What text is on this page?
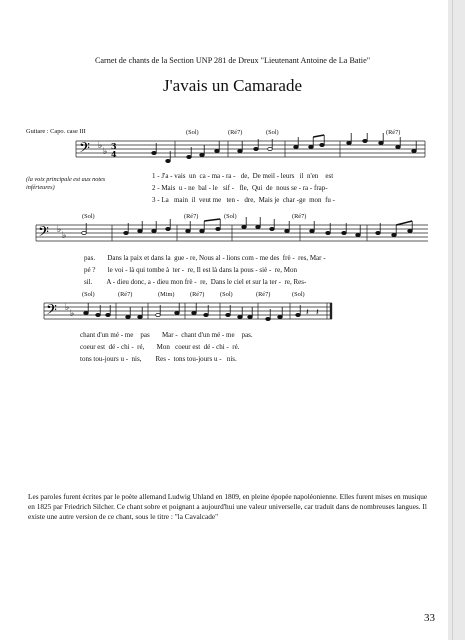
Carnet de chants de la Section UNP 281 de Dreux "Lieutenant Antoine de La Batie"
J'avais un Camarade
Guitare : Capo. case III
(la voix principale est aux notes inférieures)
(Sol)	(Ré7)	(Sol)	(Ré7)
𝄢 ♭
♭
3
4
1 - J'a - vais un ca - ma - ra - de, De meil - leurs il n'en est
2 - Mais u - ne bal - le sif - fle, Qui de nous se - ra - frap-
3 - La main il veut me ten - dre, Mais je char -ge mon fu -
(Sol)	(Ré7)	(Sol)	(Ré7)
𝄢 ♭
♭
pas. Dans la paix et dans la gue - re, Nous al - lions com - me des frè - res, Mar -
pé ? le voi - là qui tombe à ter - re, Il est là dans la pous - siè - re, Mon
sil. A - dieu donc, a - dieu mon frè - re, Dans le ciel et sur la ter - re, Res-
(Sol)	(Ré7)	(Mim) (Ré7) (Sol)	(Ré7)	(Sol)
𝄢 ♭
♭	𝄽 𝄽
chant d'un mé - me pas Mar - chant d'un mé - me pas.
coeur est dé - chi - ré, Mon coeur est dé - chi - ré.
tons tou-jours u - nis, Res - tons tou-jours u - nis.
Les paroles furent écrites par le poète allemand Ludwig Uhland en 1809, en pleine épopée napoléonienne. Elles furent mises en musique en 1825 par Friedrich Silcher. Ce chant sobre et poignant a aujourd'hui une valeur universelle, car traduit dans de nombreuses langues. Il existe une autre version de ce chant, sous le titre : "la Cavalcade"
33
